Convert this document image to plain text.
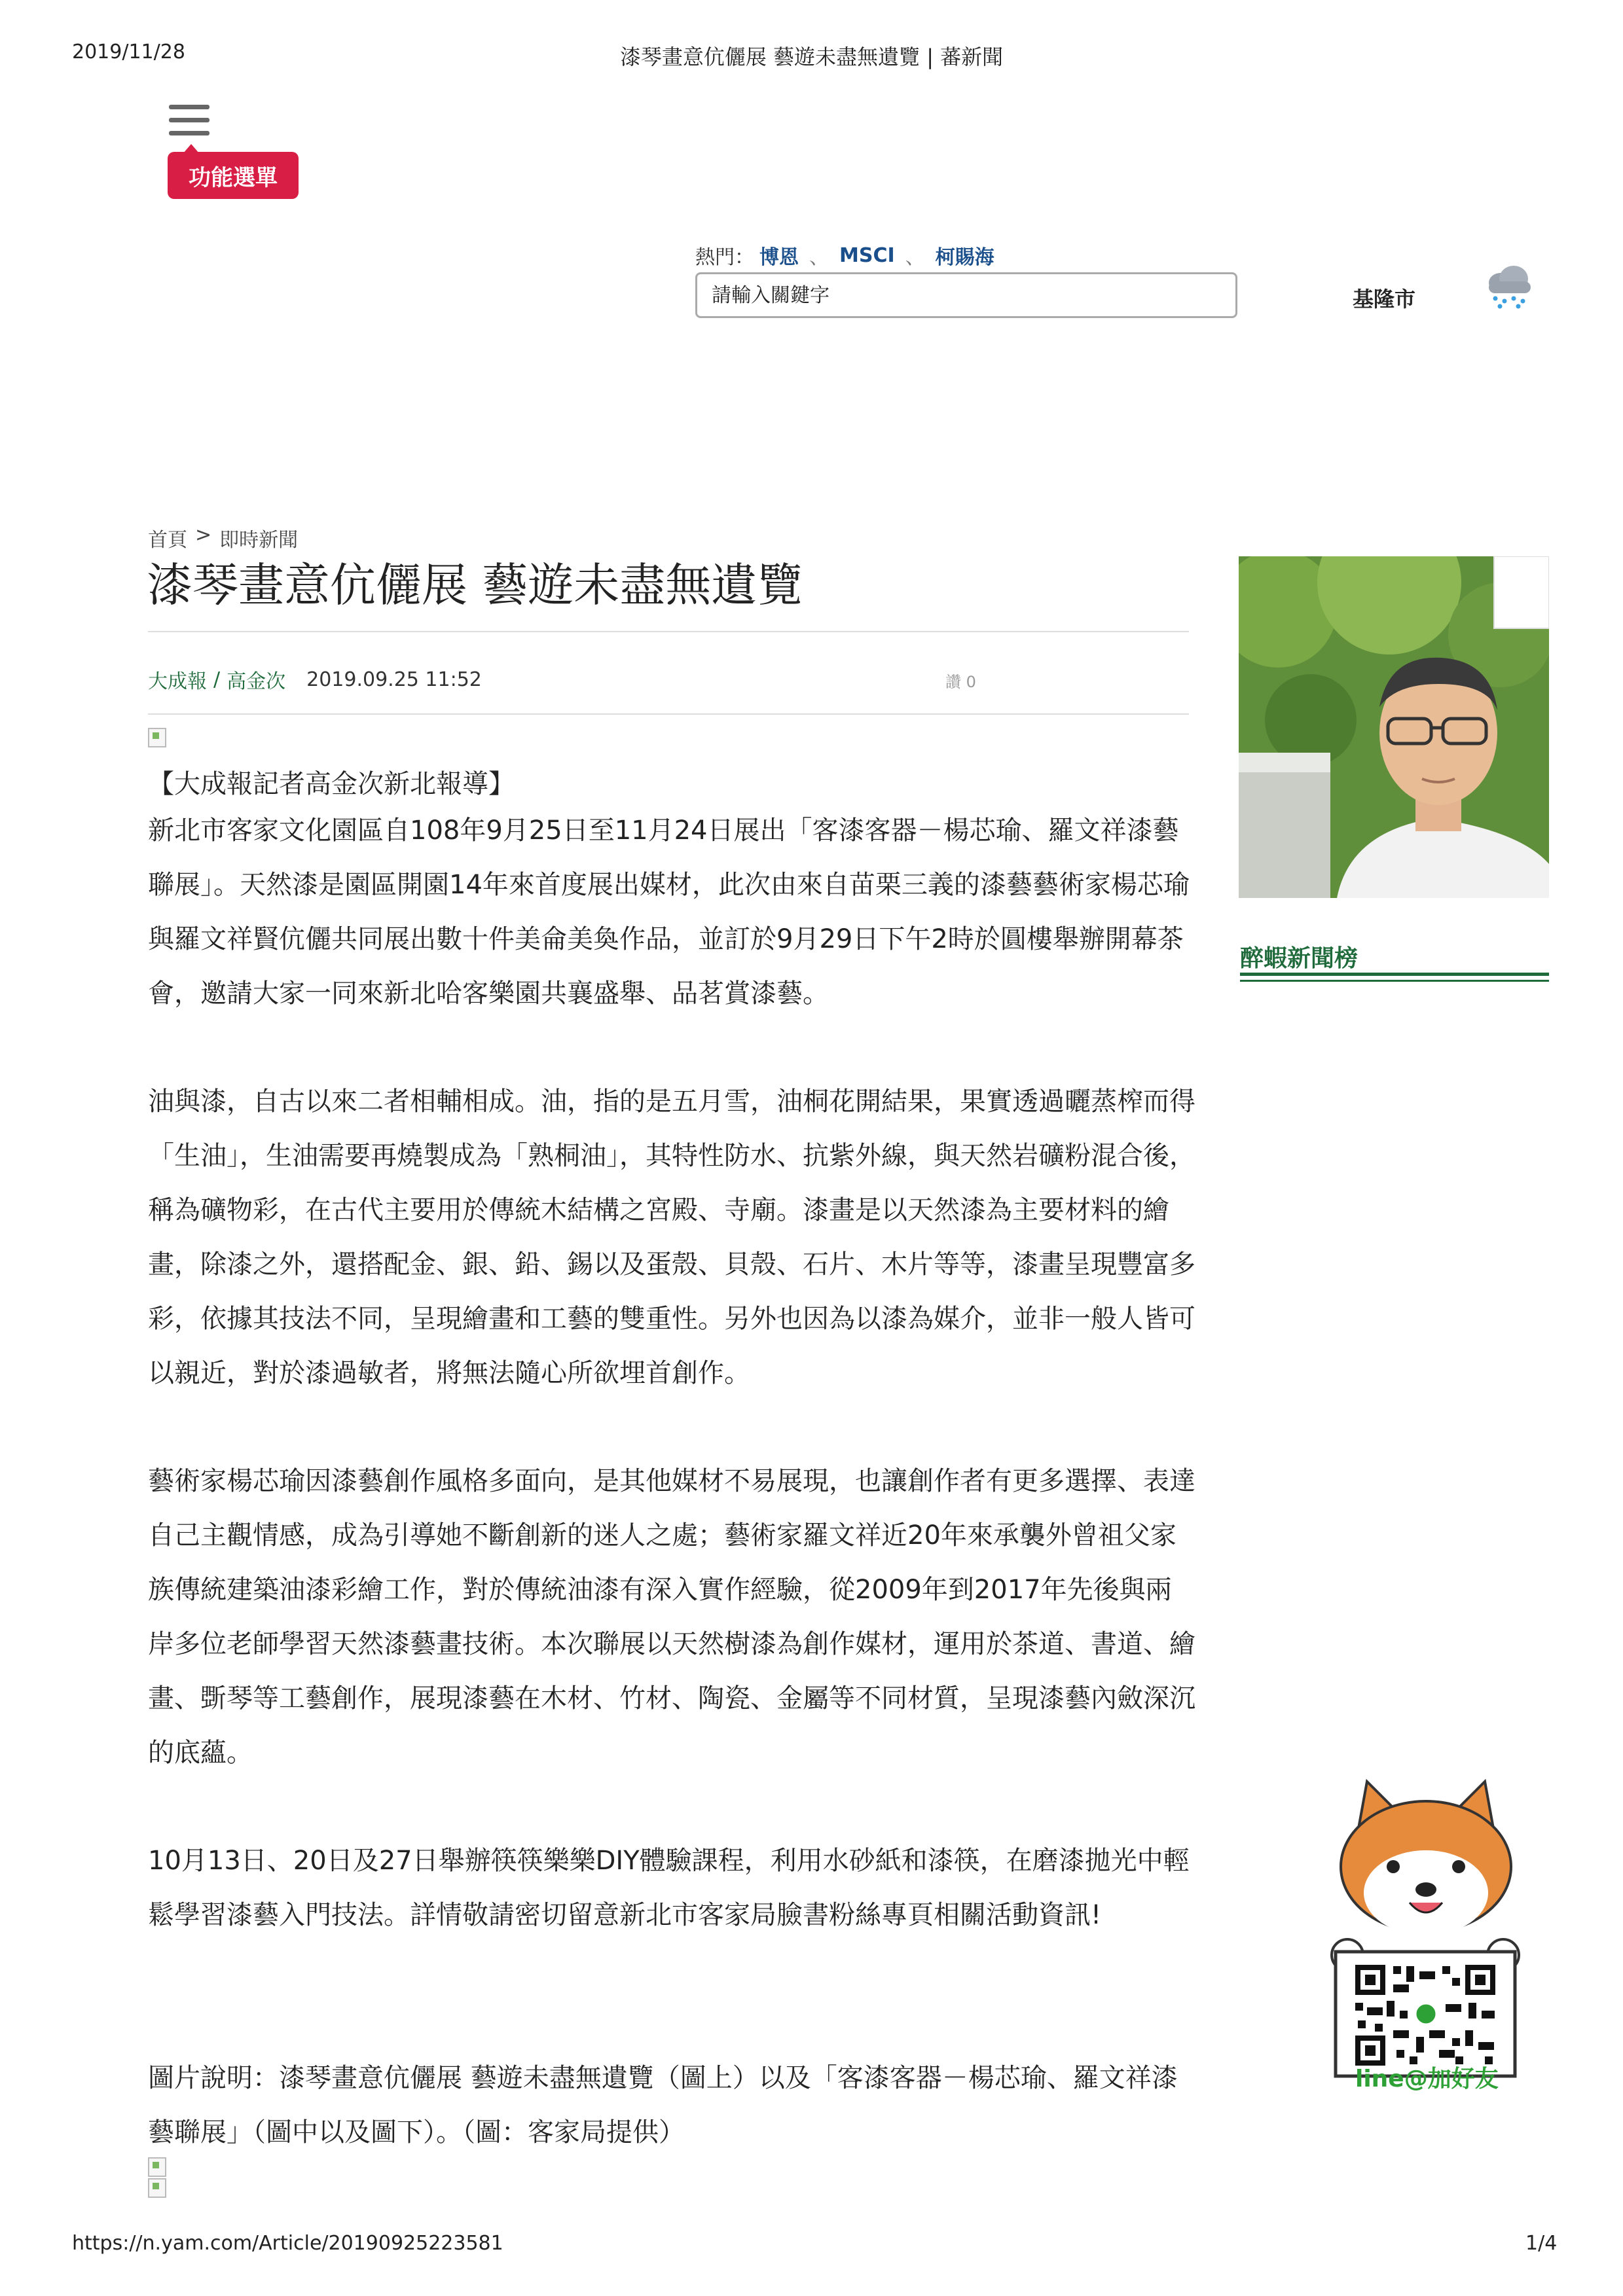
2019/11/28	漆琴畫意伉儷展 藝遊未盡無遺覽 | 蕃新聞
功能選單
熱門： 博恩 、 MSCI 、 柯賜海
請輸入關鍵字
基隆市
首頁 > 即時新聞
漆琴畫意伉儷展 藝遊未盡無遺覽
大成報 / 高金次 2019.09.25 11:52	讚 0
【大成報記者高金次新北報導】

新北市客家文化園區自108年9月25日至11月24日展出「客漆客器－楊芯瑜、羅文祥漆藝聯展」。天然漆是園區開園14年來首度展出媒材，此次由來自苗栗三義的漆藝藝術家楊芯瑜與羅文祥賢伉儷共同展出數十件美侖美奐作品，並訂於9月29日下午2時於圓樓舉辦開幕茶會，邀請大家一同來新北哈客樂園共襄盛舉、品茗賞漆藝。

油與漆，自古以來二者相輔相成。油，指的是五月雪，油桐花開結果，果實透過曬蒸榨而得「生油」，生油需要再燒製成為「熟桐油」，其特性防水、抗紫外線，與天然岩礦粉混合後，稱為礦物彩，在古代主要用於傳統木結構之宮殿、寺廟。漆畫是以天然漆為主要材料的繪畫，除漆之外，還搭配金、銀、鉛、錫以及蛋殼、貝殼、石片、木片等等，漆畫呈現豐富多彩，依據其技法不同，呈現繪畫和工藝的雙重性。另外也因為以漆為媒介，並非一般人皆可以親近，對於漆過敏者，將無法隨心所欲埋首創作。

藝術家楊芯瑜因漆藝創作風格多面向，是其他媒材不易展現，也讓創作者有更多選擇、表達自己主觀情感，成為引導她不斷創新的迷人之處；藝術家羅文祥近20年來承襲外曾祖父家族傳統建築油漆彩繪工作，對於傳統油漆有深入實作經驗，從2009年到2017年先後與兩岸多位老師學習天然漆藝畫技術。本次聯展以天然樹漆為創作媒材，運用於茶道、書道、繪畫、斲琴等工藝創作，展現漆藝在木材、竹材、陶瓷、金屬等不同材質，呈現漆藝內斂深沉的底蘊。

10月13日、20日及27日舉辦筷筷樂樂DIY體驗課程，利用水砂紙和漆筷，在磨漆拋光中輕鬆學習漆藝入門技法。詳情敬請密切留意新北市客家局臉書粉絲專頁相關活動資訊!

圖片說明：漆琴畫意伉儷展 藝遊未盡無遺覽（圖上）以及「客漆客器－楊芯瑜、羅文祥漆藝聯展」（圖中以及圖下）。（圖：客家局提供）

醉蝦新聞榜
line@加好友
https://n.yam.com/Article/20190925223581	1/4
